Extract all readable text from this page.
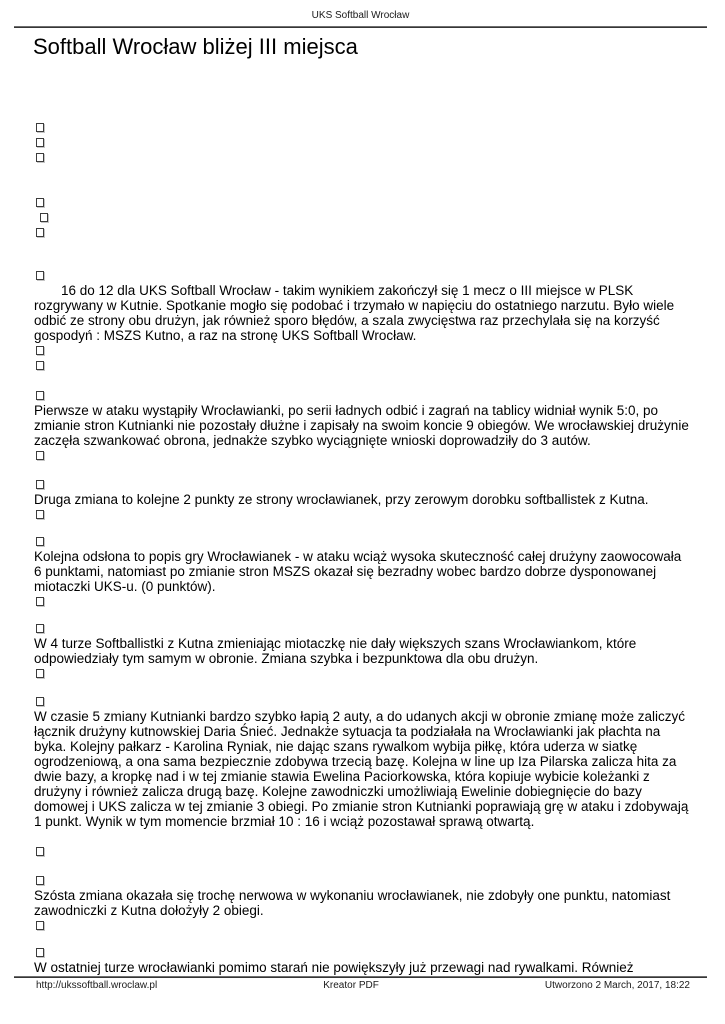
UKS Softball Wrocław
Softball Wrocław bliżej III miejsca

16 do 12 dla UKS Softball Wrocław - takim wynikiem zakończył się 1 mecz o III miejsce w PLSK rozgrywany w Kutnie. Spotkanie mogło się podobać i trzymało w napięciu do ostatniego narzutu. Było wiele odbić ze strony obu drużyn, jak również sporo błędów, a szala zwycięstwa raz przechylała się na korzyść gospodyń : MSZS Kutno, a raz na stronę UKS Softball Wrocław.

Pierwsze w ataku wystąpiły Wrocławianki, po serii ładnych odbić i zagrań na tablicy widniał wynik 5:0, po zmianie stron Kutnianki nie pozostały dłużne i zapisały na swoim koncie 9 obiegów. We wrocławskiej drużynie zaczęła szwankować obrona, jednakże szybko wyciągnięte wnioski doprowadziły do 3 autów.

Druga zmiana to kolejne 2 punkty ze strony wrocławianek, przy zerowym dorobku softballistek z Kutna.

Kolejna odsłona to popis gry Wrocławianek - w ataku wciąż wysoka skuteczność całej drużyny zaowocowała 6 punktami, natomiast po zmianie stron MSZS okazał się bezradny wobec bardzo dobrze dysponowanej miotaczki UKS-u. (0 punktów).

W 4 turze Softballistki z Kutna zmieniając miotaczkę nie dały większych szans Wrocławiankom, które odpowiedziały tym samym w obronie. Zmiana szybka i bezpunktowa dla obu drużyn.

W czasie 5 zmiany Kutnianki bardzo szybko łapią 2 auty, a do udanych akcji w obronie zmianę może zaliczyć łącznik drużyny kutnowskiej Daria Śnieć. Jednakże sytuacja ta podziałała na Wrocławianki jak płachta na byka. Kolejny pałkarz - Karolina Ryniak, nie dając szans rywalkom wybija piłkę, która uderza w siatkę ogrodzeniową, a ona sama bezpiecznie zdobywa trzecią bazę. Kolejna w line up Iza Pilarska zalicza hita za dwie bazy, a kropkę nad i w tej zmianie stawia Ewelina Paciorkowska, która kopiuje wybicie koleżanki z drużyny i również zalicza drugą bazę. Kolejne zawodniczki umożliwiają Ewelinie dobiegnięcie do bazy domowej i UKS zalicza w tej zmianie 3 obiegi. Po zmianie stron Kutnianki poprawiają grę w ataku i zdobywają 1 punkt. Wynik w tym momencie brzmiał 10 : 16 i wciąż pozostawał sprawą otwartą.

Szósta zmiana okazała się trochę nerwowa w wykonaniu wrocławianek, nie zdobyły one punktu, natomiast zawodniczki z Kutna dołożyły 2 obiegi.

W ostatniej turze wrocławianki pomimo starań nie powiększyły już przewagi nad rywalkami. Również

http://ukssoftball.wroclaw.pl	Kreator PDF	Utworzono 2 March, 2017, 18:22
